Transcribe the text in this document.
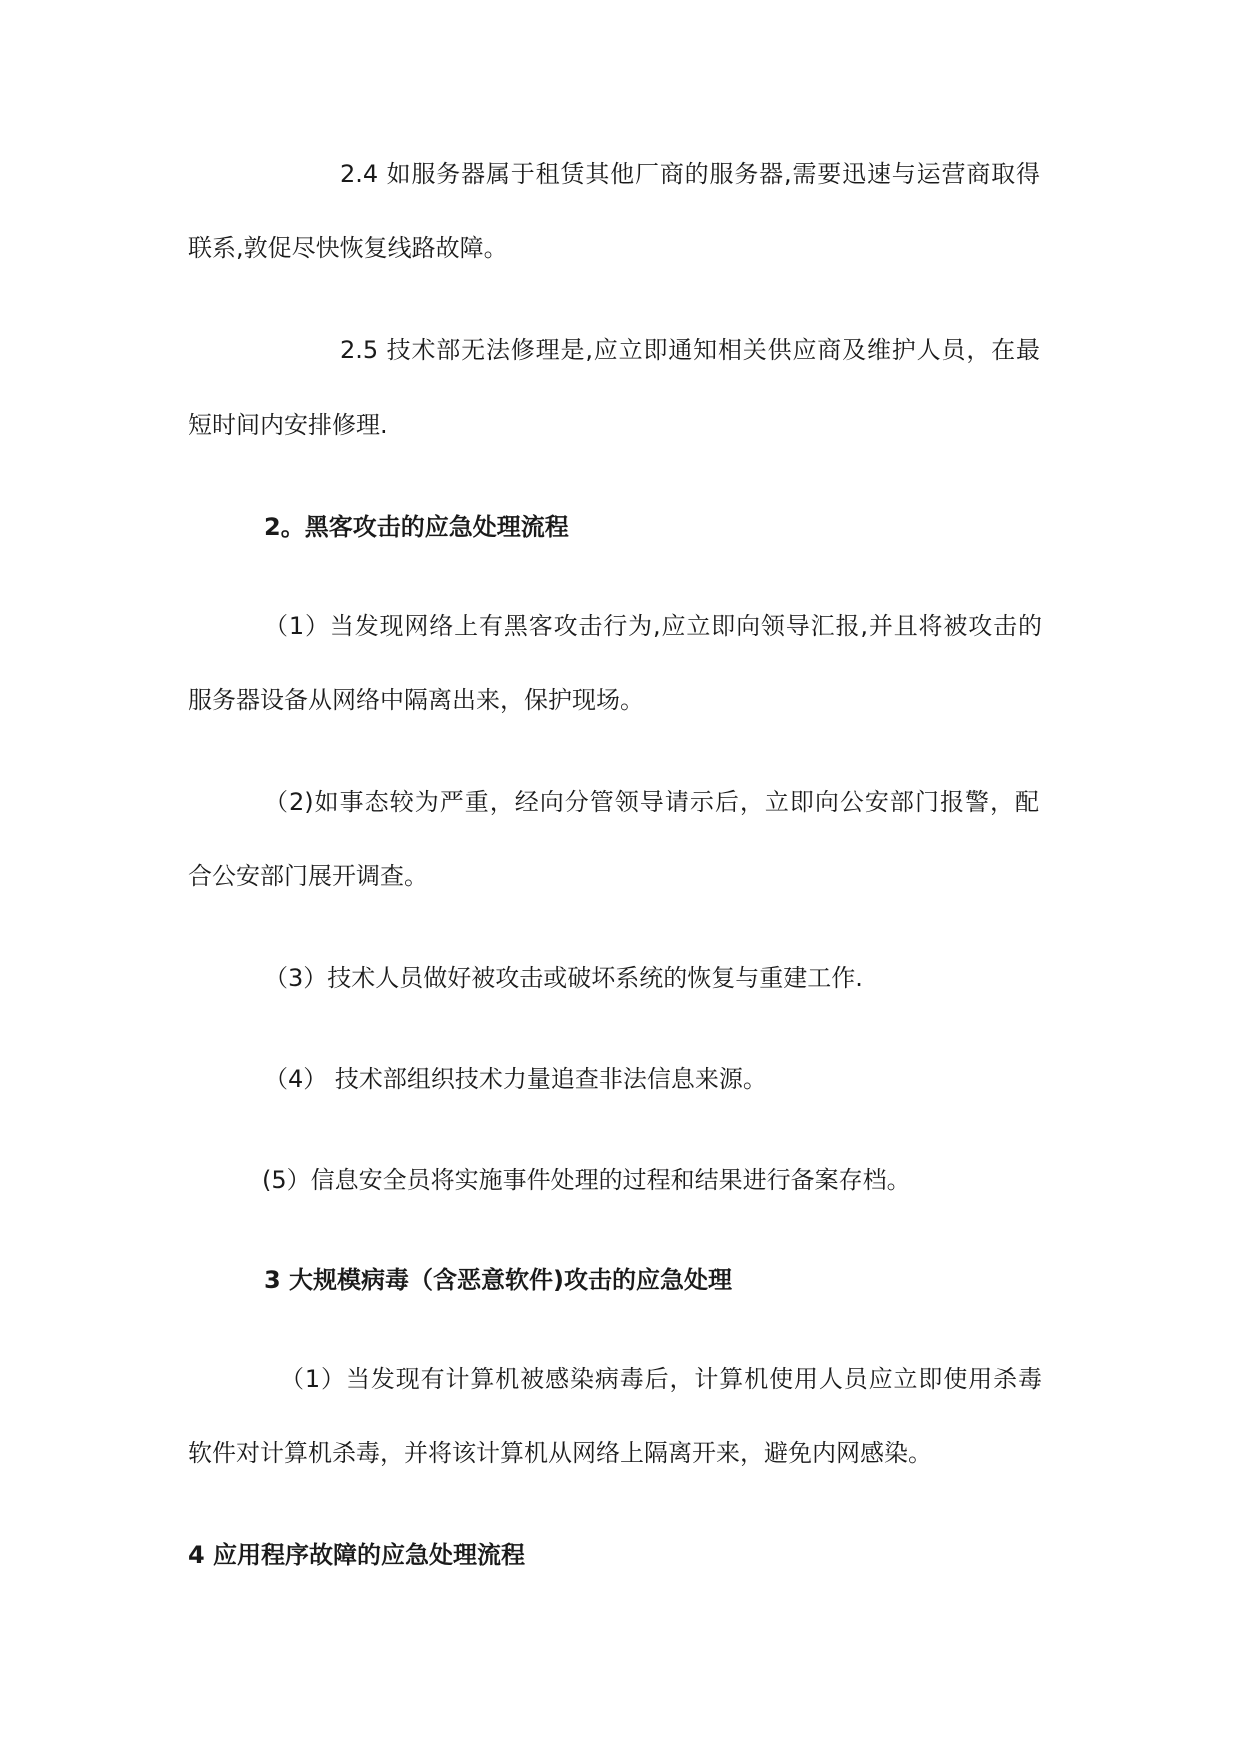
2.4 如服务器属于租赁其他厂商的服务器,需要迅速与运营商取得
联系,敦促尽快恢复线路故障。
2.5 技术部无法修理是,应立即通知相关供应商及维护人员，在最
短时间内安排修理.
2。黑客攻击的应急处理流程
（1）当发现网络上有黑客攻击行为,应立即向领导汇报,并且将被攻击的
服务器设备从网络中隔离出来，保护现场。
（2)如事态较为严重，经向分管领导请示后，立即向公安部门报警，配
合公安部门展开调查。
（3）技术人员做好被攻击或破坏系统的恢复与重建工作.
（4） 技术部组织技术力量追查非法信息来源。
(5）信息安全员将实施事件处理的过程和结果进行备案存档。
3 大规模病毒（含恶意软件)攻击的应急处理
（1）当发现有计算机被感染病毒后，计算机使用人员应立即使用杀毒
软件对计算机杀毒，并将该计算机从网络上隔离开来，避免内网感染。
4 应用程序故障的应急处理流程
